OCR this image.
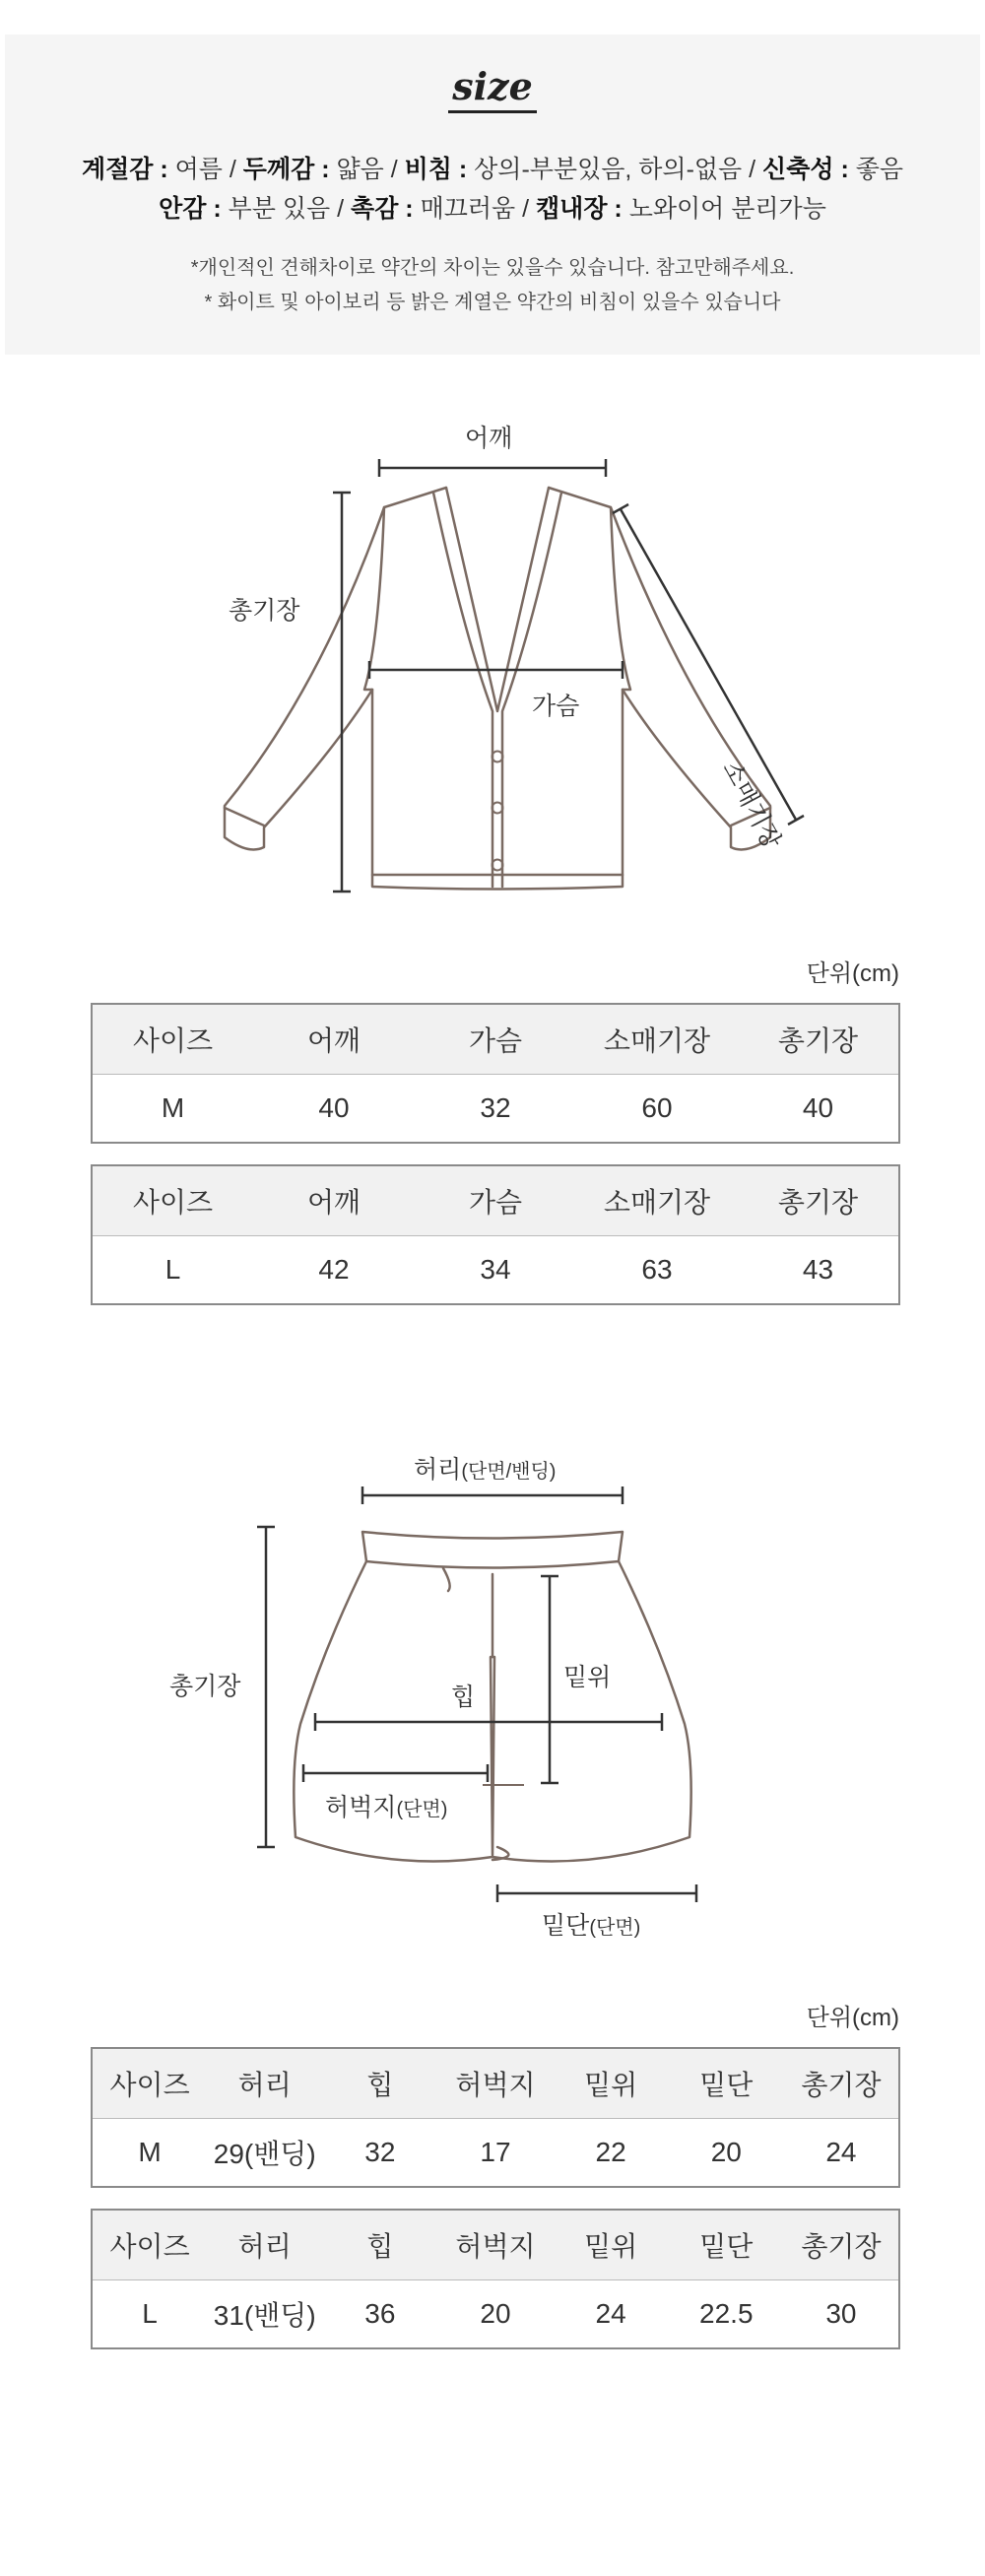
size
계절감 : 여름 / 두께감 : 얇음 / 비침 : 상의-부분있음, 하의-없음 / 신축성 : 좋음
안감 : 부분 있음 / 촉감 : 매끄러움 / 캡내장 : 노와이어 분리가능
*개인적인 견해차이로 약간의 차이는 있을수 있습니다. 참고만해주세요.
* 화이트 및 아이보리 등 밝은 계열은 약간의 비침이 있을수 있습니다
어깨
총기장
가슴
소매기장
단위(cm)
사이즈	어깨	가슴	소매기장	총기장
M	40	32	60	40
사이즈	어깨	가슴	소매기장	총기장
L	42	34	63	43
허리(단면/밴딩)
총기장	힙
밑위
허벅지(단면)
밑단(단면)
단위(cm)
사이즈	허리	힙	허벅지	밑위	밑단	총기장
M	29(밴딩)	32	17	22	20	24
사이즈	허리	힙	허벅지	밑위	밑단	총기장
L	31(밴딩)	36	20	24	22.5	30
